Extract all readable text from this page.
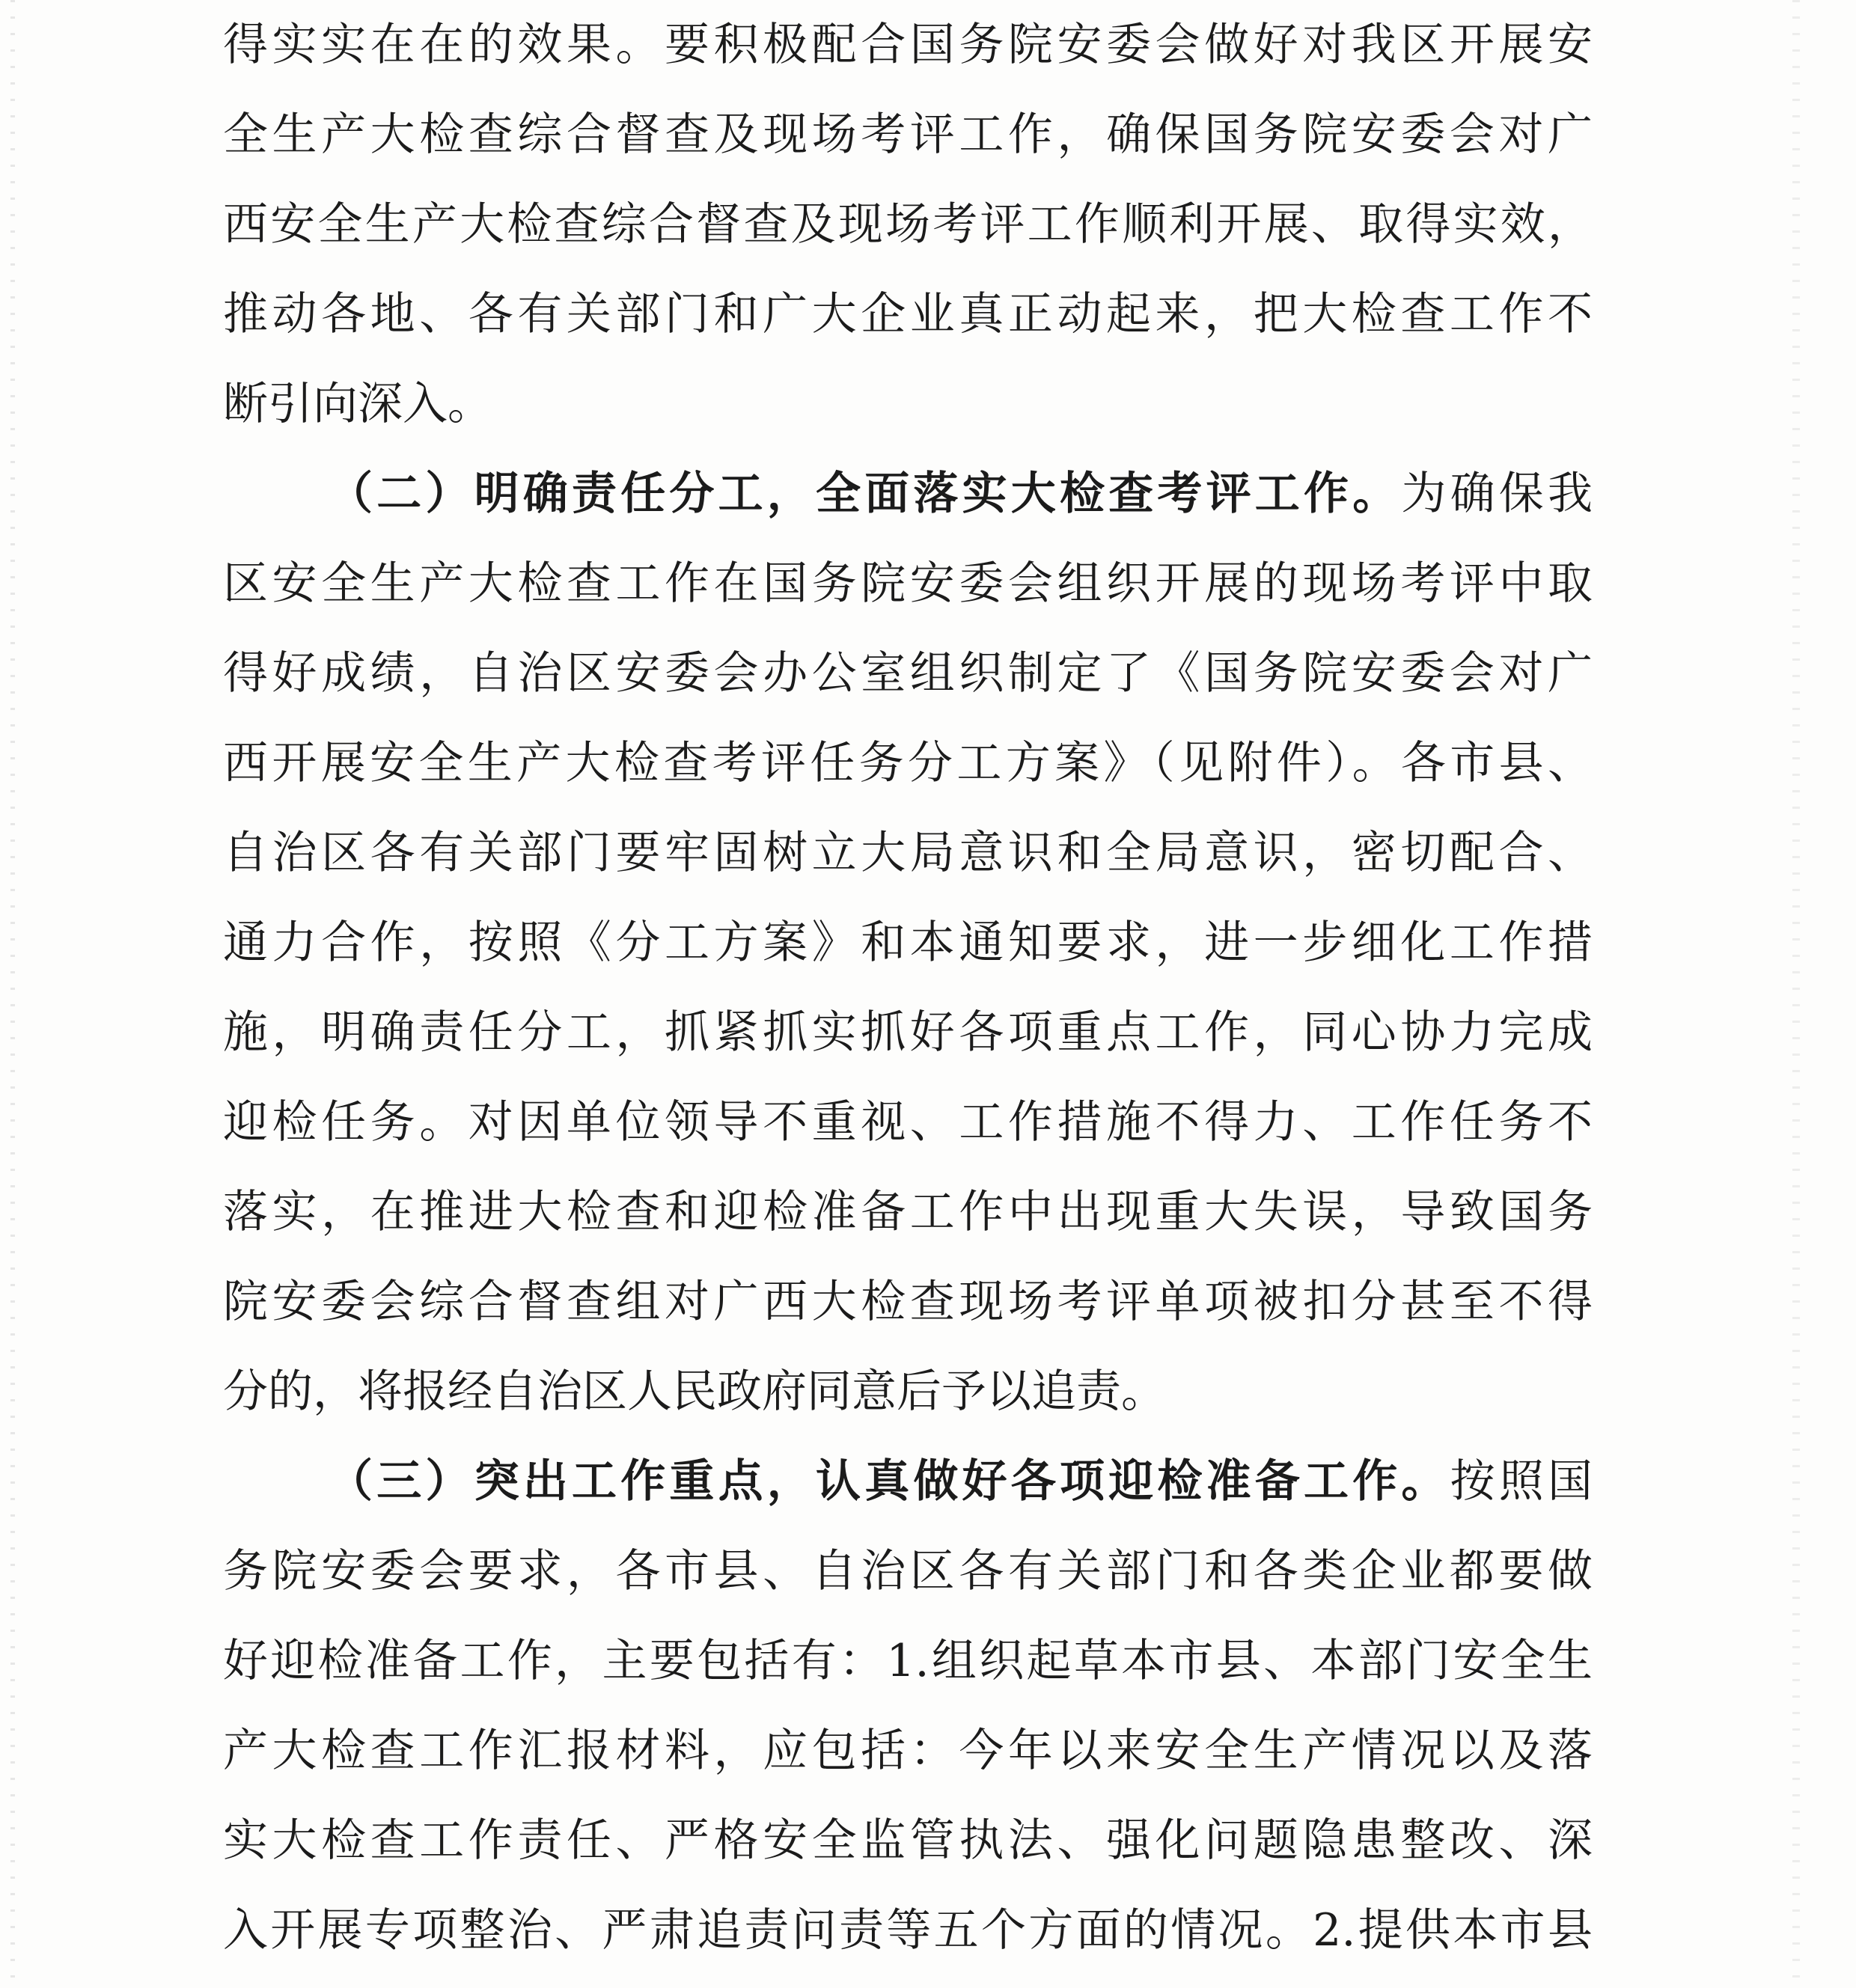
得实实在在的效果。要积极配合国务院安委会做好对我区开展安
全生产大检查综合督查及现场考评工作，确保国务院安委会对广
西安全生产大检查综合督查及现场考评工作顺利开展、取得实效，
推动各地、各有关部门和广大企业真正动起来，把大检查工作不
断引向深入。
（二）明确责任分工，全面落实大检查考评工作。为确保我
区安全生产大检查工作在国务院安委会组织开展的现场考评中取
得好成绩，自治区安委会办公室组织制定了《国务院安委会对广
西开展安全生产大检查考评任务分工方案》（见附件）。各市县、
自治区各有关部门要牢固树立大局意识和全局意识，密切配合、
通力合作，按照《分工方案》和本通知要求，进一步细化工作措
施，明确责任分工，抓紧抓实抓好各项重点工作，同心协力完成
迎检任务。对因单位领导不重视、工作措施不得力、工作任务不
落实，在推进大检查和迎检准备工作中出现重大失误，导致国务
院安委会综合督查组对广西大检查现场考评单项被扣分甚至不得
分的，将报经自治区人民政府同意后予以追责。
（三）突出工作重点，认真做好各项迎检准备工作。按照国
务院安委会要求，各市县、自治区各有关部门和各类企业都要做
好迎检准备工作，主要包括有：1.组织起草本市县、本部门安全生
产大检查工作汇报材料，应包括：今年以来安全生产情况以及落
实大检查工作责任、严格安全监管执法、强化问题隐患整改、深
入开展专项整治、严肃追责问责等五个方面的情况。2.提供本市县
